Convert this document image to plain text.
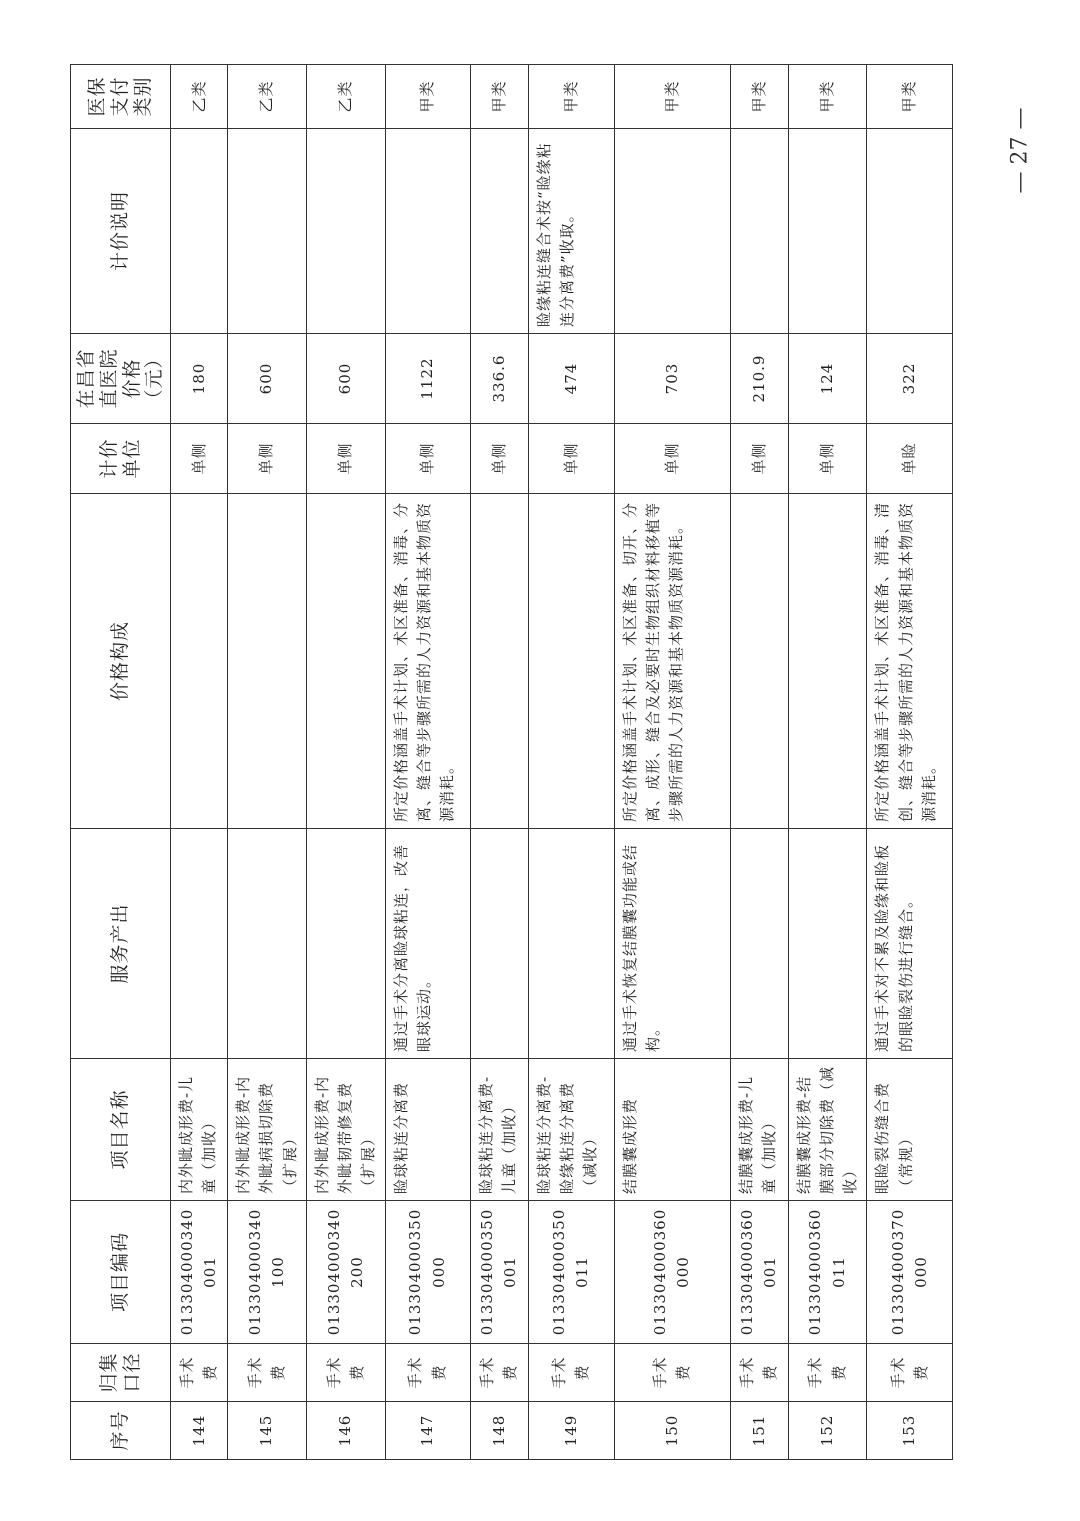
序号	归集口径	项目编码	项目名称	服务产出	价格构成	计价单位	在昌省直医院价格（元）	计价说明	医保支付类别
144	手术费	013304000340001	内外眦成形费-儿童（加收）			单侧	180		乙类
145	手术费	013304000340100	内外眦成形费-内外眦病损切除费（扩展）			单侧	600		乙类
146	手术费	013304000340200	内外眦成形费-内外眦韧带修复费（扩展）			单侧	600		乙类
147	手术费	013304000350000	睑球粘连分离费	通过手术分离睑球粘连，改善眼球运动。	所定价格涵盖手术计划、术区准备、消毒、分离、缝合等步骤所需的人力资源和基本物质资源消耗。	单侧	1122		甲类
148	手术费	013304000350001	睑球粘连分离费-儿童（加收）			单侧	336.6		甲类
149	手术费	013304000350011	睑球粘连分离费-睑缘粘连分离费（减收）			单侧	474	睑缘粘连缝合术按“睑缘粘连分离费”收取。	甲类
150	手术费	013304000360000	结膜囊成形费	通过手术恢复结膜囊功能或结构。	所定价格涵盖手术计划、术区准备、切开、分离、成形、缝合及必要时生物组织材料移植等步骤所需的人力资源和基本物质资源消耗。	单侧	703		甲类
151	手术费	013304000360001	结膜囊成形费-儿童（加收）			单侧	210.9		甲类
152	手术费	013304000360011	结膜囊成形费-结膜部分切除费（减收）			单侧	124		甲类
153	手术费	013304000370000	眼睑裂伤缝合费（常规）	通过手术对不累及睑缘和睑板的眼睑裂伤进行缝合。	所定价格涵盖手术计划、术区准备、消毒、清创、缝合等步骤所需的人力资源和基本物质资源消耗。	单睑	322		甲类
— 27 —
